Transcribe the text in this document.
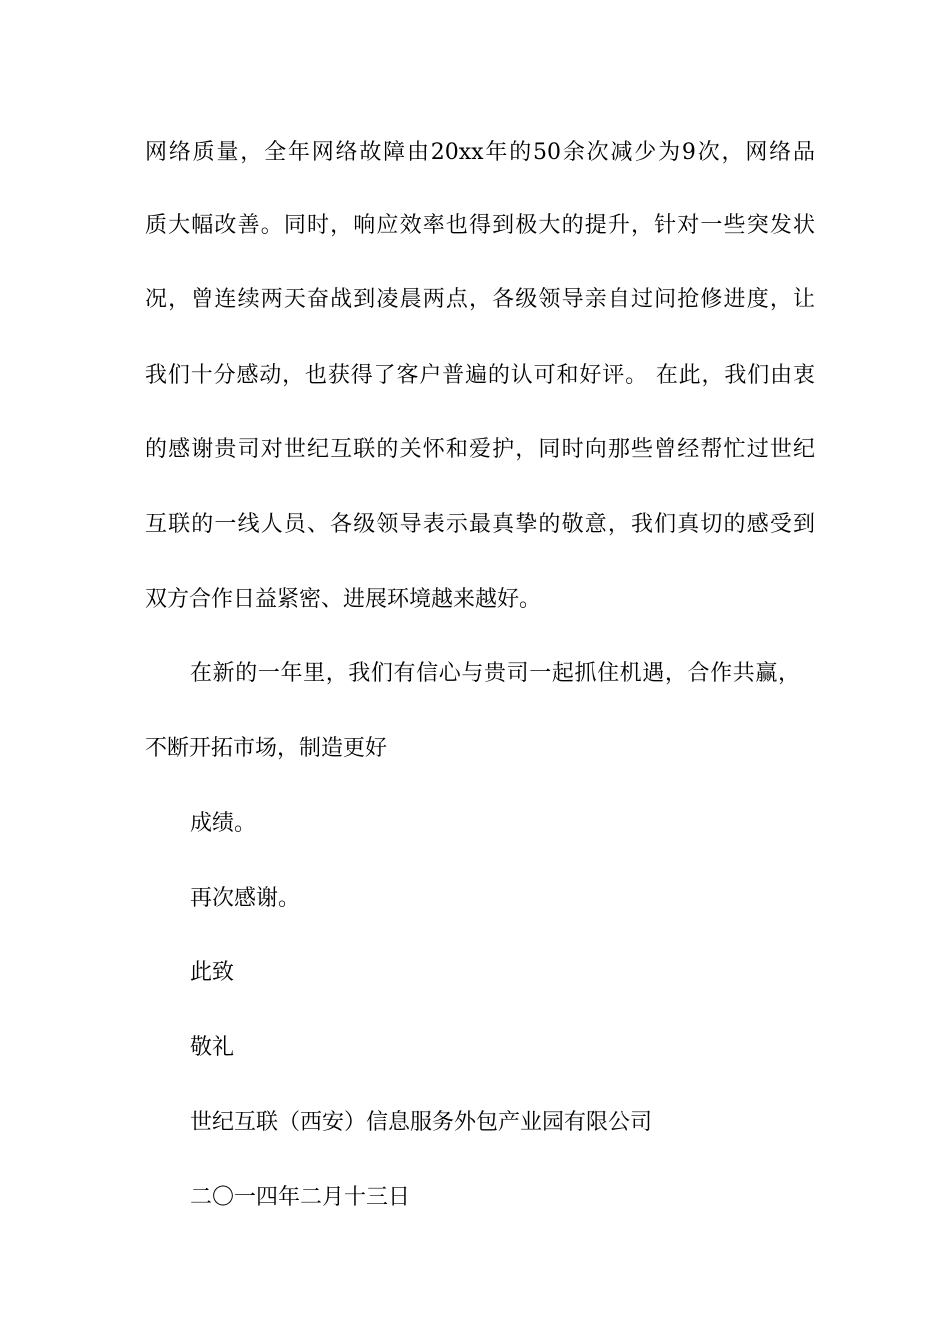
网络质量，全年网络故障由20xx年的50余次减少为9次，网络品
质大幅改善。同时，响应效率也得到极大的提升，针对一些突发状
况，曾连续两天奋战到凌晨两点，各级领导亲自过问抢修进度，让
我们十分感动，也获得了客户普遍的认可和好评。 在此，我们由衷
的感谢贵司对世纪互联的关怀和爱护，同时向那些曾经帮忙过世纪
互联的一线人员、各级领导表示最真挚的敬意，我们真切的感受到
双方合作日益紧密、进展环境越来越好。
在新的一年里，我们有信心与贵司一起抓住机遇，合作共赢，
不断开拓市场，制造更好
成绩。
再次感谢。
此致
敬礼
世纪互联（西安）信息服务外包产业园有限公司
二〇一四年二月十三日
